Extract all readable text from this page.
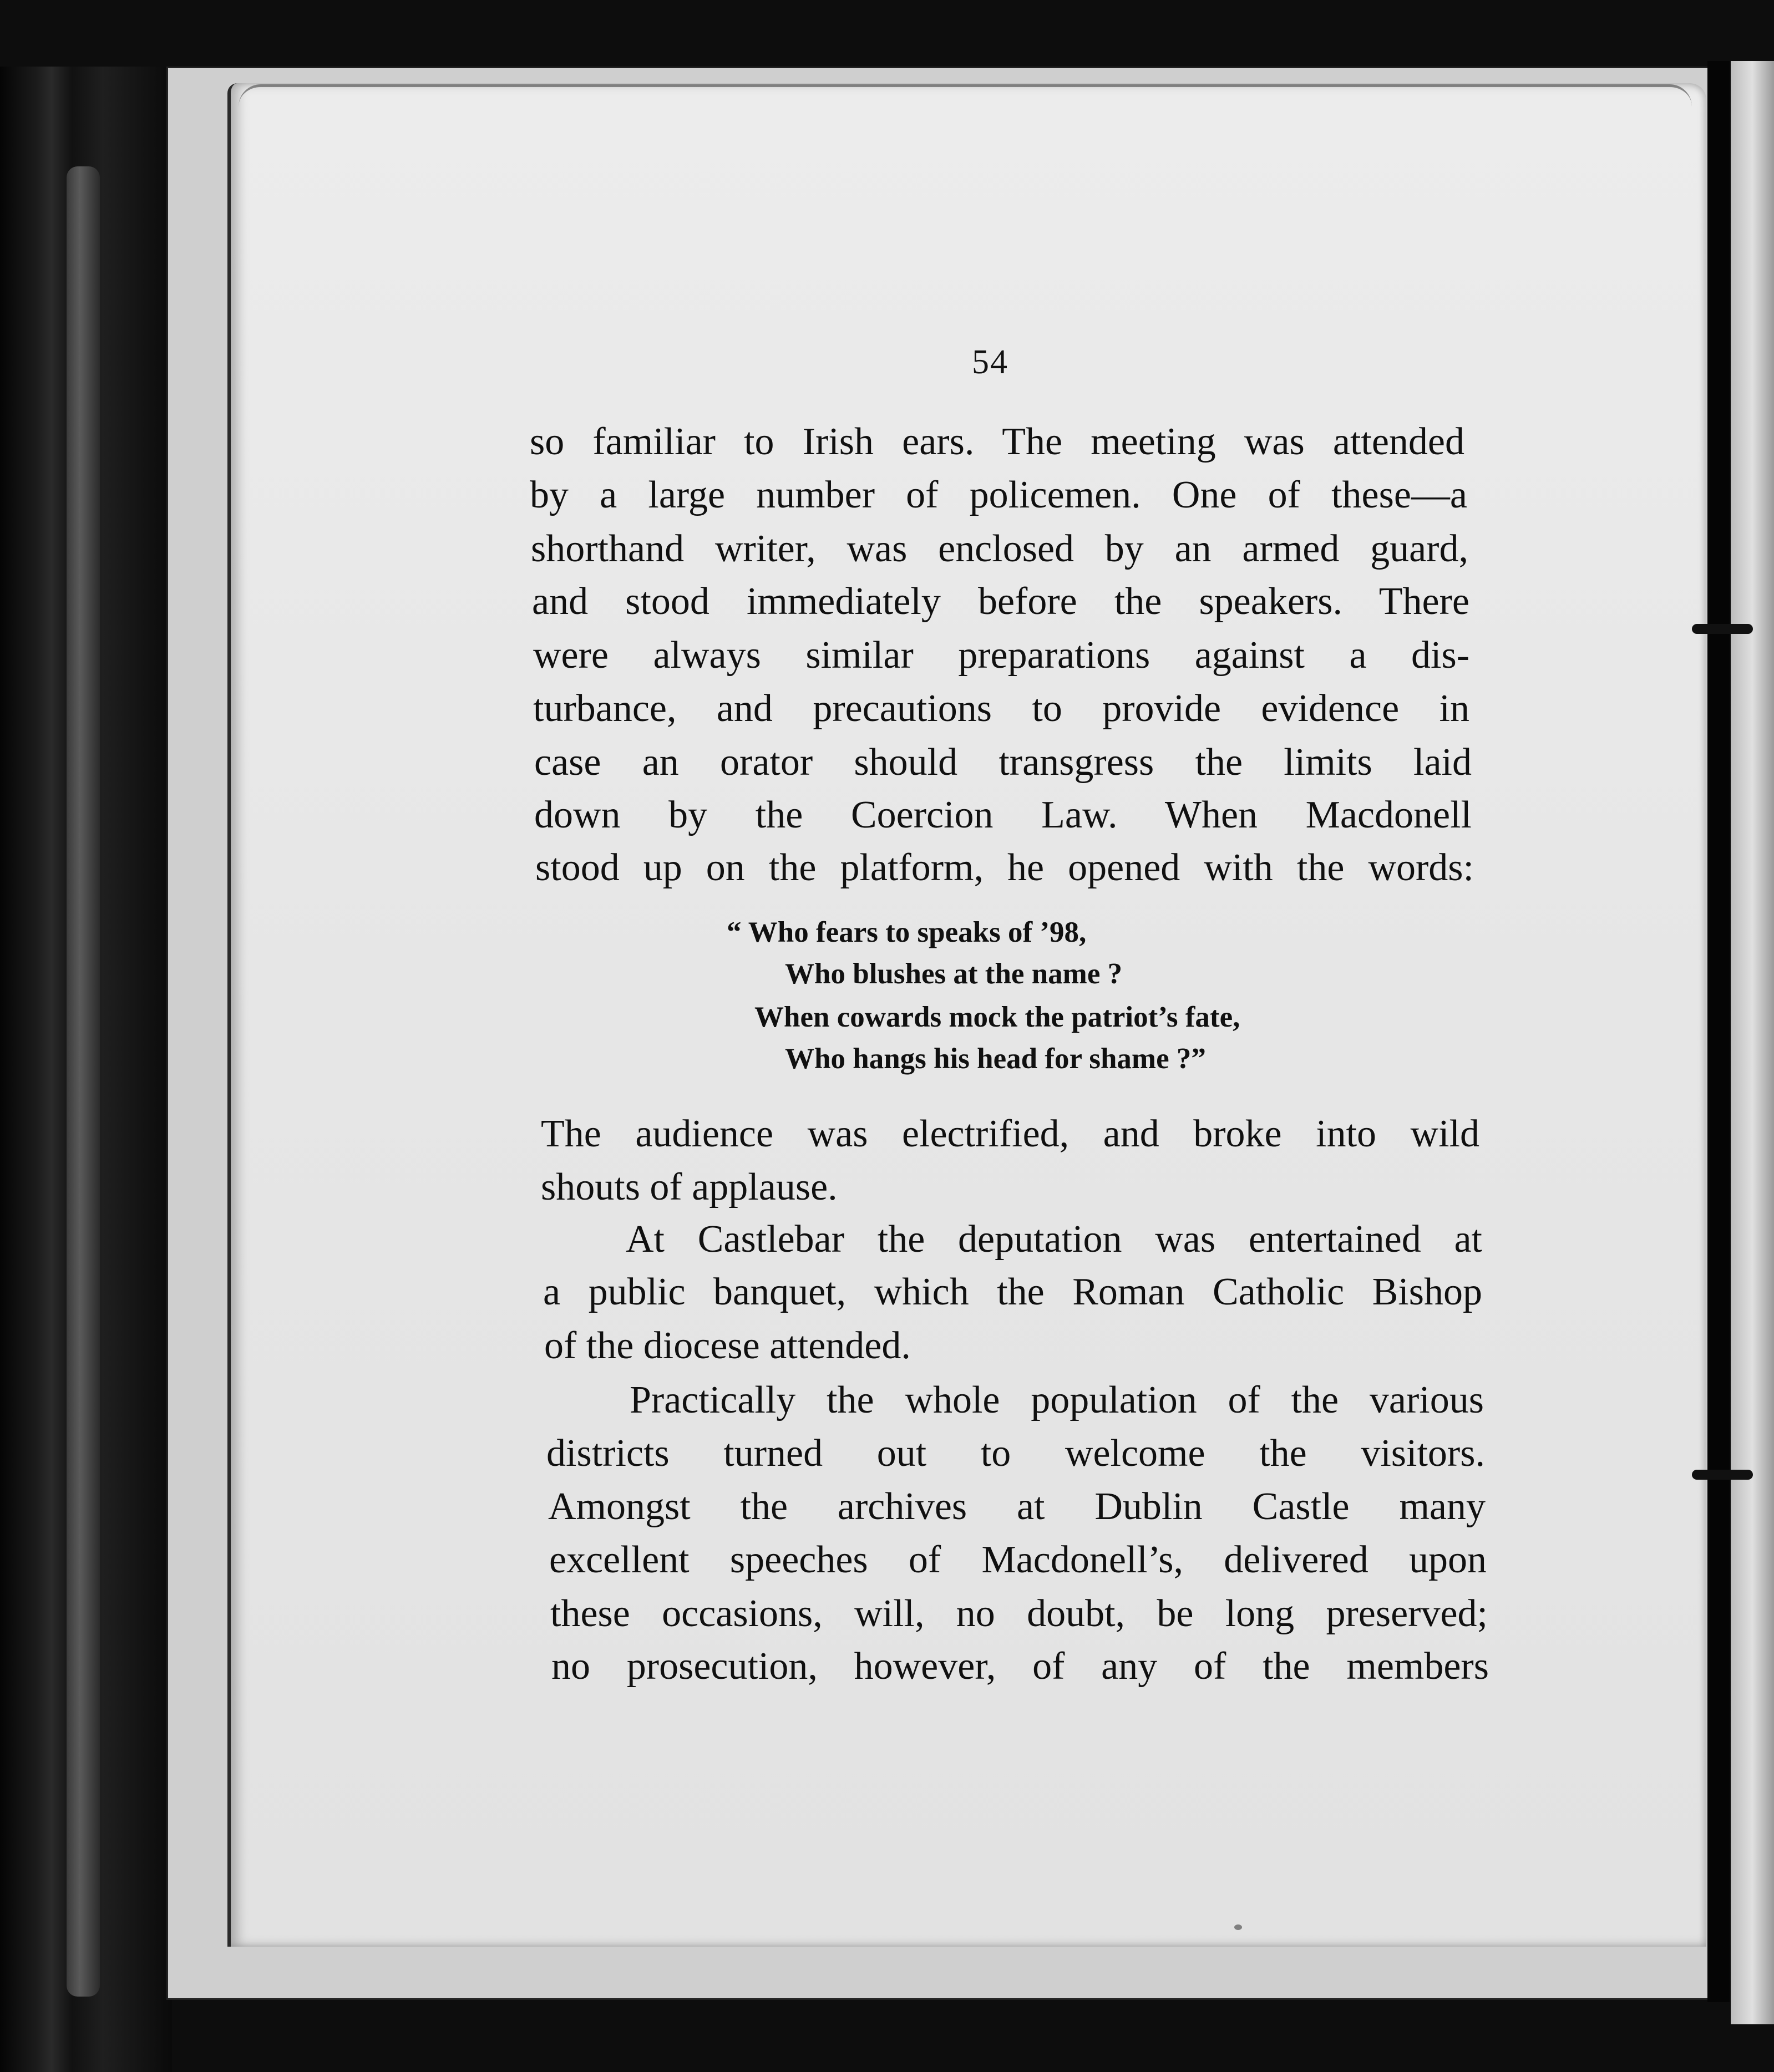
54
so familiar to Irish ears. The meeting was attended
by a large number of policemen. One of these—a
shorthand writer, was enclosed by an armed guard,
and stood immediately before the speakers. There
were always similar preparations against a dis-
turbance, and precautions to provide evidence in
case an orator should transgress the limits laid
down by the Coercion Law. When Macdonell
stood up on the platform, he opened with the words:
“ Who fears to speaks of ’98,
Who blushes at the name ?
When cowards mock the patriot’s fate,
Who hangs his head for shame ?”
The audience was electrified, and broke into wild
shouts of applause.
At Castlebar the deputation was entertained at
a public banquet, which the Roman Catholic Bishop
of the diocese attended.
Practically the whole population of the various
districts turned out to welcome the visitors.
Amongst the archives at Dublin Castle many
excellent speeches of Macdonell’s, delivered upon
these occasions, will, no doubt, be long preserved;
no prosecution, however, of any of the members
